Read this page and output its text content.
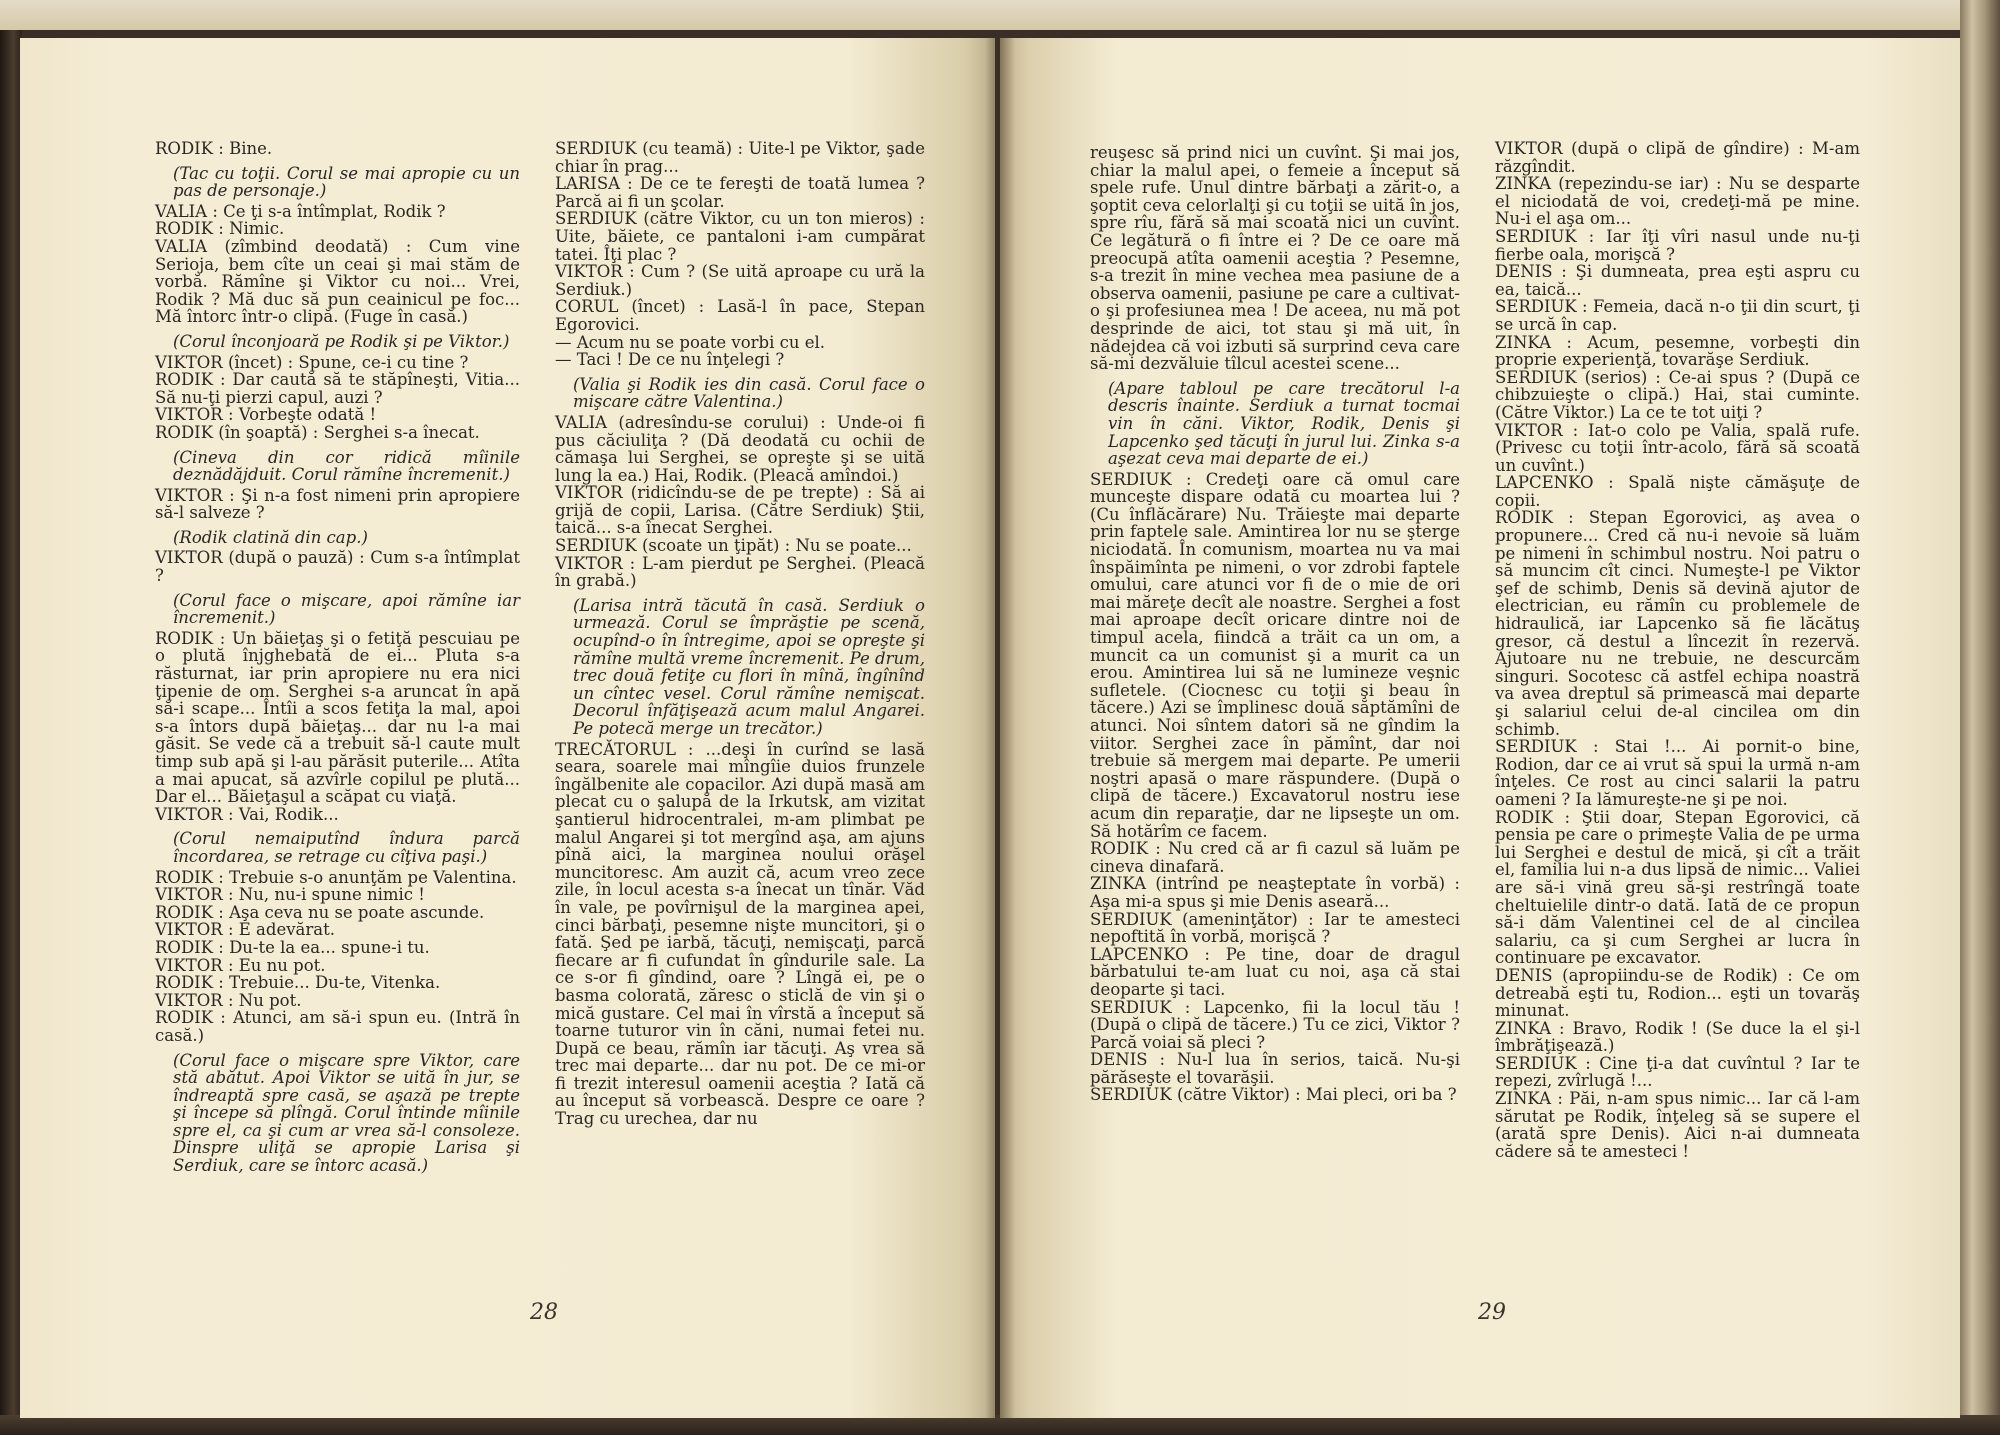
RODIK : Bine.

(Tac cu toţii. Corul se mai apropie cu un pas de personaje.)

VALIA : Ce ţi s-a întîmplat, Rodik ?

RODIK : Nimic.

VALIA (zîmbind deodată) : Cum vine Serioja, bem cîte un ceai şi mai stăm de vorbă. Rămîne şi Viktor cu noi... Vrei, Rodik ? Mă duc să pun ceainicul pe foc... Mă întorc într-o clipă. (Fuge în casă.)

(Corul înconjoară pe Rodik şi pe Viktor.)

VIKTOR (încet) : Spune, ce-i cu tine ?

RODIK : Dar caută să te stăpîneşti, Vitia... Să nu-ţi pierzi capul, auzi ?

VIKTOR : Vorbeşte odată !

RODIK (în şoaptă) : Serghei s-a înecat.

(Cineva din cor ridică mîinile deznădăjduit. Corul rămîne încremenit.)

VIKTOR : Şi n-a fost nimeni prin apropiere să-l salveze ?

(Rodik clatină din cap.)

VIKTOR (după o pauză) : Cum s-a întîmplat ?

(Corul face o mişcare, apoi rămîne iar încremenit.)

RODIK : Un băieţaş şi o fetiţă pescuiau pe o plută înjghebată de ei... Pluta s-a răsturnat, iar prin apropiere nu era nici ţipenie de om. Serghei s-a aruncat în apă să-i scape... Întîi a scos fetiţa la mal, apoi s-a întors după băieţaş... dar nu l-a mai găsit. Se vede că a trebuit să-l caute mult timp sub apă şi l-au părăsit puterile... Atîta a mai apucat, să azvîrle copilul pe plută... Dar el... Băieţaşul a scăpat cu viaţă.

VIKTOR : Vai, Rodik...

(Corul nemaiputînd îndura parcă încordarea, se retrage cu cîţiva paşi.)

RODIK : Trebuie s-o anunţăm pe Valentina.

VIKTOR : Nu, nu-i spune nimic !

RODIK : Aşa ceva nu se poate ascunde.

VIKTOR : E adevărat.

RODIK : Du-te la ea... spune-i tu.

VIKTOR : Eu nu pot.

RODIK : Trebuie... Du-te, Vitenka.

VIKTOR : Nu pot.

RODIK : Atunci, am să-i spun eu. (Intră în casă.)

(Corul face o mişcare spre Viktor, care stă abătut. Apoi Viktor se uită în jur, se îndreaptă spre casă, se aşază pe trepte şi începe să plîngă. Corul întinde mîinile spre el, ca şi cum ar vrea să-l consoleze. Dinspre uliţă se apropie Larisa şi Serdiuk, care se întorc acasă.)

SERDIUK (cu teamă) : Uite-l pe Viktor, şade chiar în prag...

LARISA : De ce te fereşti de toată lumea ? Parcă ai fi un şcolar.

SERDIUK (către Viktor, cu un ton mieros) : Uite, băiete, ce pantaloni i-am cumpărat tatei. Îţi plac ?

VIKTOR : Cum ? (Se uită aproape cu ură la Serdiuk.)

CORUL (încet) : Lasă-l în pace, Stepan Egorovici.

— Acum nu se poate vorbi cu el.

— Taci ! De ce nu înţelegi ?

(Valia şi Rodik ies din casă. Corul face o mişcare către Valentina.)

VALIA (adresîndu-se corului) : Unde-oi fi pus căciuliţa ? (Dă deodată cu ochii de cămaşa lui Serghei, se opreşte şi se uită lung la ea.) Hai, Rodik. (Pleacă amîndoi.)

VIKTOR (ridicîndu-se de pe trepte) : Să ai grijă de copii, Larisa. (Către Serdiuk) Ştii, taică... s-a înecat Serghei.

SERDIUK (scoate un ţipăt) : Nu se poate...

VIKTOR : L-am pierdut pe Serghei. (Pleacă în grabă.)

(Larisa intră tăcută în casă. Serdiuk o urmează. Corul se împrăştie pe scenă, ocupînd-o în întregime, apoi se opreşte şi rămîne multă vreme încremenit. Pe drum, trec două fetiţe cu flori în mînă, îngînînd un cîntec vesel. Corul rămîne nemişcat. Decorul înfăţişează acum malul Angarei. Pe potecă merge un trecător.)

TRECĂTORUL : ...deşi în curînd se lasă seara, soarele mai mîngîie duios frunzele îngălbenite ale copacilor. Azi după masă am plecat cu o şalupă de la Irkutsk, am vizitat şantierul hidrocentralei, m-am plimbat pe malul Angarei şi tot mergînd aşa, am ajuns pînă aici, la marginea noului orăşel muncitoresc. Am auzit că, acum vreo zece zile, în locul acesta s-a înecat un tînăr. Văd în vale, pe povîrnişul de la marginea apei, cinci bărbaţi, pesemne nişte muncitori, şi o fată. Şed pe iarbă, tăcuţi, nemişcaţi, parcă fiecare ar fi cufundat în gîndurile sale. La ce s-or fi gîndind, oare ? Lîngă ei, pe o basma colorată, zăresc o sticlă de vin şi o mică gustare. Cel mai în vîrstă a început să toarne tuturor vin în căni, numai fetei nu. După ce beau, rămîn iar tăcuţi. Aş vrea să trec mai departe... dar nu pot. De ce mi-or fi trezit interesul oamenii aceştia ? Iată că au început să vorbească. Despre ce oare ? Trag cu urechea, dar nu

reuşesc să prind nici un cuvînt. Şi mai jos, chiar la malul apei, o femeie a început să spele rufe. Unul dintre bărbaţi a zărit-o, a şoptit ceva celorlalţi şi cu toţii se uită în jos, spre rîu, fără să mai scoată nici un cuvînt. Ce legătură o fi între ei ? De ce oare mă preocupă atîta oamenii aceştia ? Pesemne, s-a trezit în mine vechea mea pasiune de a observa oamenii, pasiune pe care a cultivat-o şi profesiunea mea ! De aceea, nu mă pot desprinde de aici, tot stau şi mă uit, în nădejdea că voi izbuti să surprind ceva care să-mi dezvăluie tîlcul acestei scene...

(Apare tabloul pe care trecătorul l-a descris înainte. Serdiuk a turnat tocmai vin în căni. Viktor, Rodik, Denis şi Lapcenko şed tăcuţi în jurul lui. Zinka s-a aşezat ceva mai departe de ei.)

SERDIUK : Credeţi oare că omul care munceşte dispare odată cu moartea lui ? (Cu înflăcărare) Nu. Trăieşte mai departe prin faptele sale. Amintirea lor nu se şterge niciodată. În comunism, moartea nu va mai înspăimînta pe nimeni, o vor zdrobi faptele omului, care atunci vor fi de o mie de ori mai măreţe decît ale noastre. Serghei a fost mai aproape decît oricare dintre noi de timpul acela, fiindcă a trăit ca un om, a muncit ca un comunist şi a murit ca un erou. Amintirea lui să ne lumineze veşnic sufletele. (Ciocnesc cu toţii şi beau în tăcere.) Azi se împlinesc două săptămîni de atunci. Noi sîntem datori să ne gîndim la viitor. Serghei zace în pămînt, dar noi trebuie să mergem mai departe. Pe umerii noştri apasă o mare răspundere. (După o clipă de tăcere.) Excavatorul nostru iese acum din reparaţie, dar ne lipseşte un om. Să hotărîm ce facem.

RODIK : Nu cred că ar fi cazul să luăm pe cineva dinafară.

ZINKA (intrînd pe neaşteptate în vorbă) : Aşa mi-a spus şi mie Denis aseară...

SERDIUK (ameninţător) : Iar te amesteci nepoftită în vorbă, morişcă ?

LAPCENKO : Pe tine, doar de dragul bărbatului te-am luat cu noi, aşa că stai deoparte şi taci.

SERDIUK : Lapcenko, fii la locul tău ! (După o clipă de tăcere.) Tu ce zici, Viktor ? Parcă voiai să pleci ?

DENIS : Nu-l lua în serios, taică. Nu-şi părăseşte el tovarăşii.

SERDIUK (către Viktor) : Mai pleci, ori ba ?

VIKTOR (după o clipă de gîndire) : M-am răzgîndit.

ZINKA (repezindu-se iar) : Nu se desparte el niciodată de voi, credeţi-mă pe mine. Nu-i el aşa om...

SERDIUK : Iar îţi vîri nasul unde nu-ţi fierbe oala, morişcă ?

DENIS : Şi dumneata, prea eşti aspru cu ea, taică...

SERDIUK : Femeia, dacă n-o ţii din scurt, ţi se urcă în cap.

ZINKA : Acum, pesemne, vorbeşti din proprie experienţă, tovarăşe Serdiuk.

SERDIUK (serios) : Ce-ai spus ? (După ce chibzuieşte o clipă.) Hai, stai cuminte. (Către Viktor.) La ce te tot uiţi ?

VIKTOR : Iat-o colo pe Valia, spală rufe. (Privesc cu toţii într-acolo, fără să scoată un cuvînt.)

LAPCENKO : Spală nişte cămăşuţe de copii.

RODIK : Stepan Egorovici, aş avea o propunere... Cred că nu-i nevoie să luăm pe nimeni în schimbul nostru. Noi patru o să muncim cît cinci. Numeşte-l pe Viktor şef de schimb, Denis să devină ajutor de electrician, eu rămîn cu problemele de hidraulică, iar Lapcenko să fie lăcătuş gresor, că destul a lîncezit în rezervă. Ajutoare nu ne trebuie, ne descurcăm singuri. Socotesc că astfel echipa noastră va avea dreptul să primească mai departe şi salariul celui de-al cincilea om din schimb.

SERDIUK : Stai !... Ai pornit-o bine, Rodion, dar ce ai vrut să spui la urmă n-am înţeles. Ce rost au cinci salarii la patru oameni ? Ia lămureşte-ne şi pe noi.

RODIK : Ştii doar, Stepan Egorovici, că pensia pe care o primeşte Valia de pe urma lui Serghei e destul de mică, şi cît a trăit el, familia lui n-a dus lipsă de nimic... Valiei are să-i vină greu să-şi restrîngă toate cheltuielile dintr-o dată. Iată de ce propun să-i dăm Valentinei cel de al cincilea salariu, ca şi cum Serghei ar lucra în continuare pe excavator.

DENIS (apropiindu-se de Rodik) : Ce om detreabă eşti tu, Rodion... eşti un tovarăş minunat.

ZINKA : Bravo, Rodik ! (Se duce la el şi-l îmbrăţişează.)

SERDIUK : Cine ţi-a dat cuvîntul ? Iar te repezi, zvîrlugă !...

ZINKA : Păi, n-am spus nimic... Iar că l-am sărutat pe Rodik, înţeleg să se supere el (arată spre Denis). Aici n-ai dumneata cădere să te amesteci !

28	29
